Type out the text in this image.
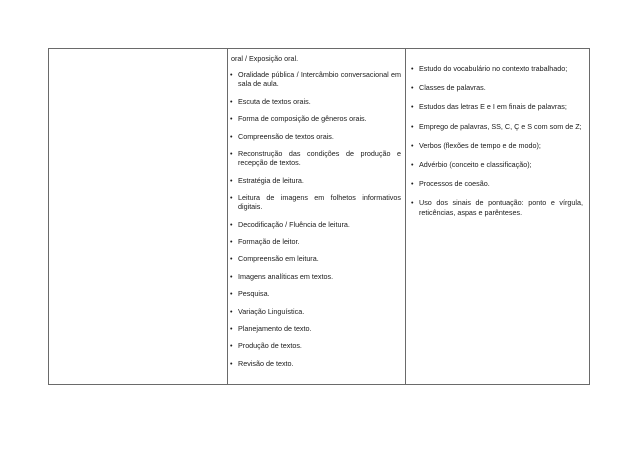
oral / Exposição oral.
• Oralidade pública / Intercâmbio conversacional em sala de aula.
• Escuta de textos orais.
• Forma de composição de gêneros orais.
• Compreensão de textos orais.
• Reconstrução das condições de produção e recepção de textos.
• Estratégia de leitura.
• Leitura de imagens em folhetos informativos digitais.
• Decodificação / Fluência de leitura.
• Formação de leitor.
• Compreensão em leitura.
• Imagens analíticas em textos.
• Pesquisa.
• Variação Linguística.
• Planejamento de texto.
• Produção de textos.
• Revisão de texto.
• Estudo do vocabulário no contexto trabalhado;
• Classes de palavras.
• Estudos das letras E e I em finais de palavras;
• Emprego de palavras, SS, C, Ç e S com som de Z;
• Verbos (flexões de tempo e de modo);
• Advérbio (conceito e classificação);
• Processos de coesão.
• Uso dos sinais de pontuação: ponto e vírgula, reticências, aspas e parênteses.
